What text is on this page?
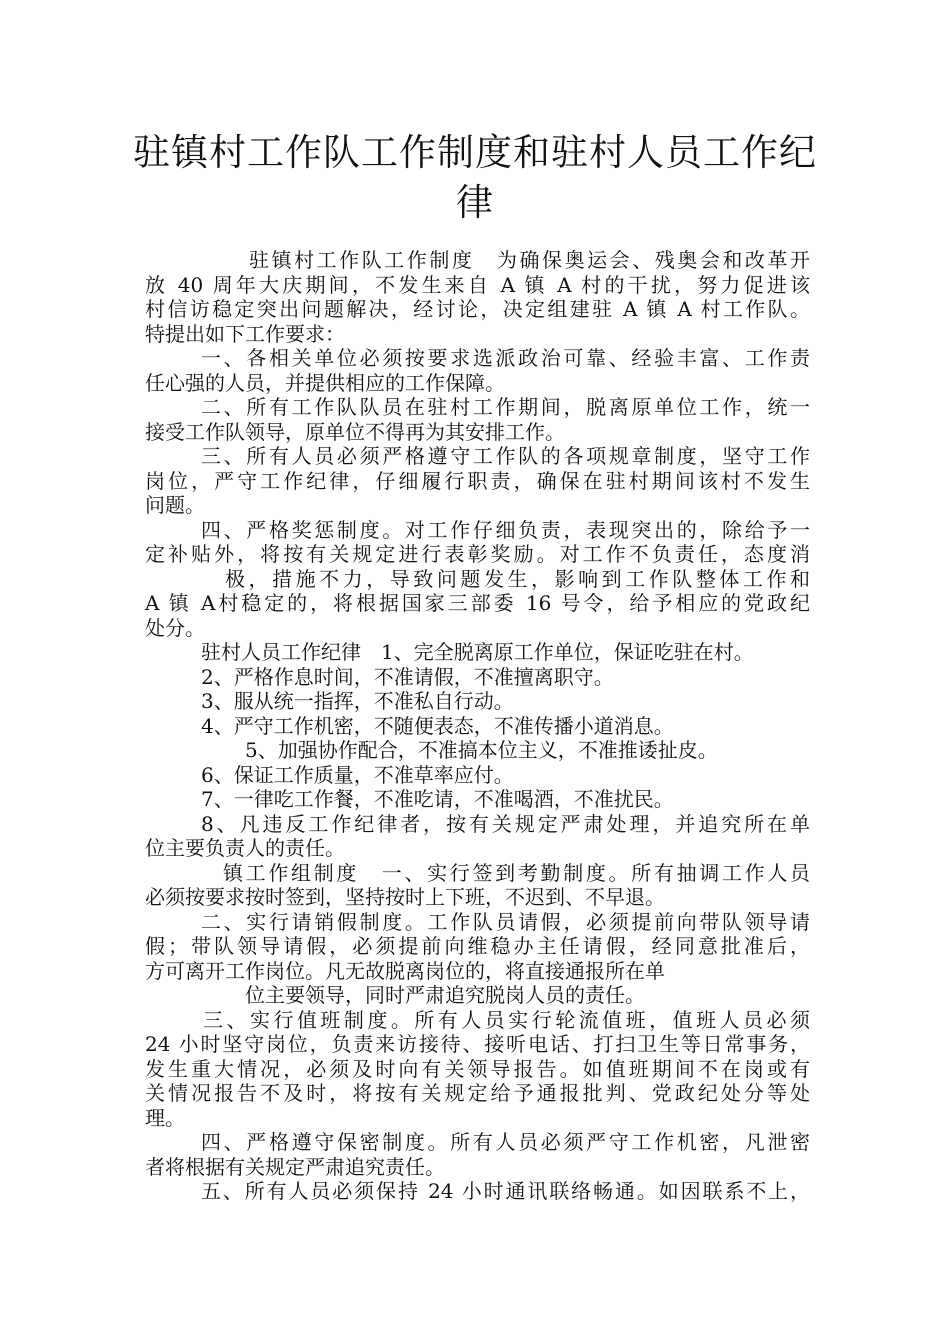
驻镇村工作队工作制度和驻村人员工作纪
律
驻镇村工作队工作制度　为确保奥运会、残奥会和改革开
放 40 周年大庆期间，不发生来自 A 镇 A 村的干扰，努力促进该
村信访稳定突出问题解决，经讨论，决定组建驻 A 镇 A 村工作队。
特提出如下工作要求：
一、各相关单位必须按要求选派政治可靠、经验丰富、工作责
任心强的人员，并提供相应的工作保障。
二、所有工作队队员在驻村工作期间，脱离原单位工作，统一
接受工作队领导，原单位不得再为其安排工作。
三、所有人员必须严格遵守工作队的各项规章制度，坚守工作
岗位，严守工作纪律，仔细履行职责，确保在驻村期间该村不发生
问题。
四、严格奖惩制度。对工作仔细负责，表现突出的，除给予一
定补贴外，将按有关规定进行表彰奖励。对工作不负责任，态度消
极，措施不力，导致问题发生，影响到工作队整体工作和
A 镇 A村稳定的，将根据国家三部委 16 号令，给予相应的党政纪
处分。
驻村人员工作纪律　1、完全脱离原工作单位，保证吃驻在村。
2、严格作息时间，不准请假，不准擅离职守。
3、服从统一指挥，不准私自行动。
4、严守工作机密，不随便表态，不准传播小道消息。
5、加强协作配合，不准搞本位主义，不准推诿扯皮。
6、保证工作质量，不准草率应付。
7、一律吃工作餐，不准吃请，不准喝酒，不准扰民。
8、凡违反工作纪律者，按有关规定严肃处理，并追究所在单
位主要负责人的责任。
镇工作组制度　一、实行签到考勤制度。所有抽调工作人员
必须按要求按时签到，坚持按时上下班，不迟到、不早退。
二、实行请销假制度。工作队员请假，必须提前向带队领导请
假；带队领导请假，必须提前向维稳办主任请假，经同意批准后，
方可离开工作岗位。凡无故脱离岗位的，将直接通报所在单
位主要领导，同时严肃追究脱岗人员的责任。
三、实行值班制度。所有人员实行轮流值班，值班人员必须
24 小时坚守岗位，负责来访接待、接听电话、打扫卫生等日常事务，
发生重大情况，必须及时向有关领导报告。如值班期间不在岗或有
关情况报告不及时，将按有关规定给予通报批判、党政纪处分等处
理。
四、严格遵守保密制度。所有人员必须严守工作机密，凡泄密
者将根据有关规定严肃追究责任。
五、所有人员必须保持 24 小时通讯联络畅通。如因联系不上，
